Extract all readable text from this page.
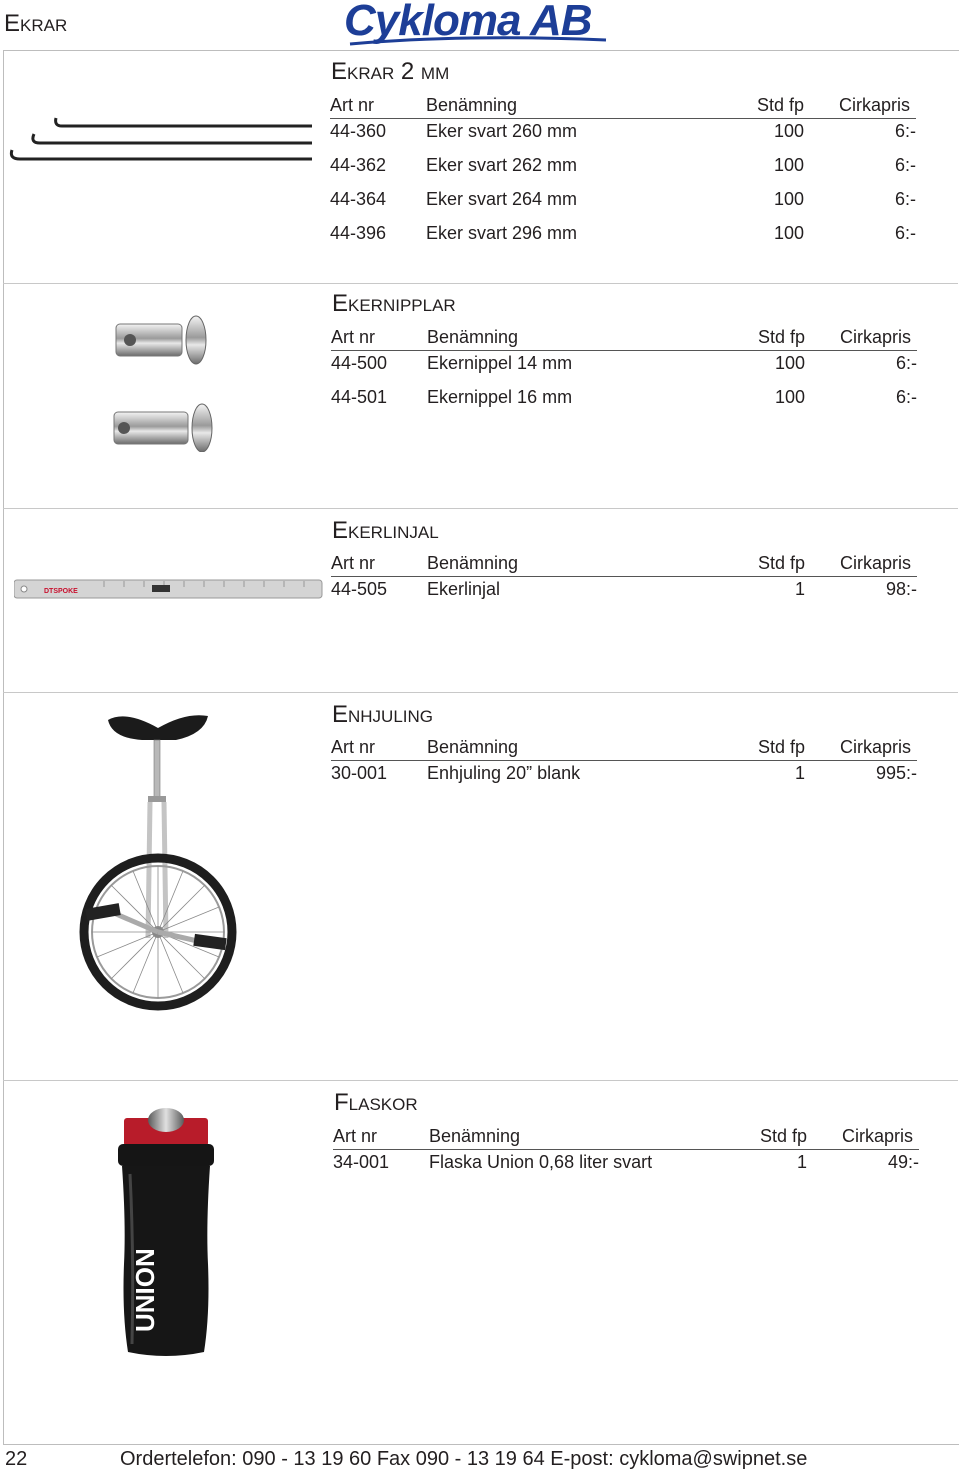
Ekrar	Cykloma AB
Ekrar 2 mm
Art nr	Benämning	Std fp Cirkapris
44-360 Eker svart 260 mm	100	6:-
44-362 Eker svart 262 mm	100	6:-
44-364 Eker svart 264 mm	100	6:-
44-396 Eker svart 296 mm	100	6:-
Ekernipplar
Art nr	Benämning	Std fp Cirkapris
44-500 Ekernippel 14 mm	100	6:-
44-501 Ekernippel 16 mm	100	6:-
DTSPOKE
Ekerlinjal
Art nr	Benämning	Std fp Cirkapris
44-505 Ekerlinjal	1	98:-
Enhjuling
Art nr	Benämning	Std fp Cirkapris
30-001 Enhjuling 20” blank	1	995:-
UNION
Flaskor
Art nr	Benämning	Std fp Cirkapris
34-001 Flaska Union 0,68 liter svart	1	49:-
22	Ordertelefon: 090 - 13 19 60 Fax 090 - 13 19 64 E-post: cykloma@swipnet.se
